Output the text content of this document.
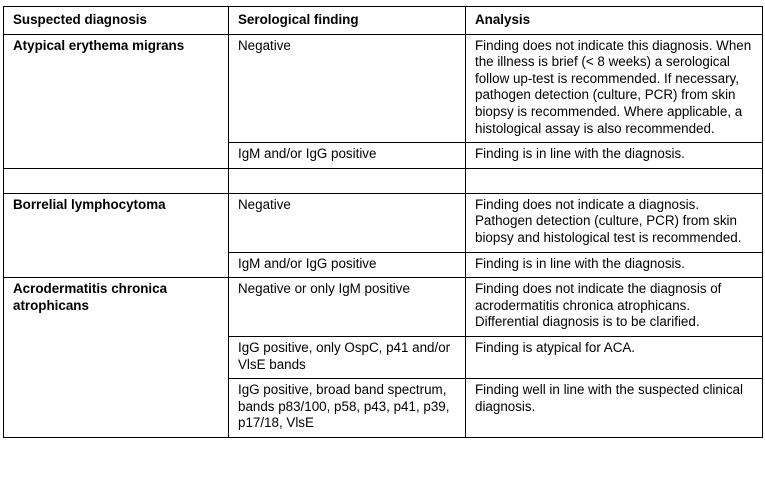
Suspected diagnosis	Serological finding	Analysis
Atypical erythema migrans	Negative	Finding does not indicate this diagnosis. When the illness is brief (< 8 weeks) a serological follow up-test is recommended. If necessary, pathogen detection (culture, PCR) from skin biopsy is recommended. Where applicable, a histological assay is also recommended.
	IgM and/or IgG positive	Finding is in line with the diagnosis.

Borrelial lymphocytoma	Negative	Finding does not indicate a diagnosis. Pathogen detection (culture, PCR) from skin biopsy and histological test is recommended.
	IgM and/or IgG positive	Finding is in line with the diagnosis.
Acrodermatitis chronica atrophicans	Negative or only IgM positive	Finding does not indicate the diagnosis of acrodermatitis chronica atrophicans. Differential diagnosis is to be clarified.
	IgG positive, only OspC, p41 and/or VlsE bands	Finding is atypical for ACA.
	IgG positive, broad band spectrum, bands p83/100, p58, p43, p41, p39, p17/18, VlsE	Finding well in line with the suspected clinical diagnosis.
